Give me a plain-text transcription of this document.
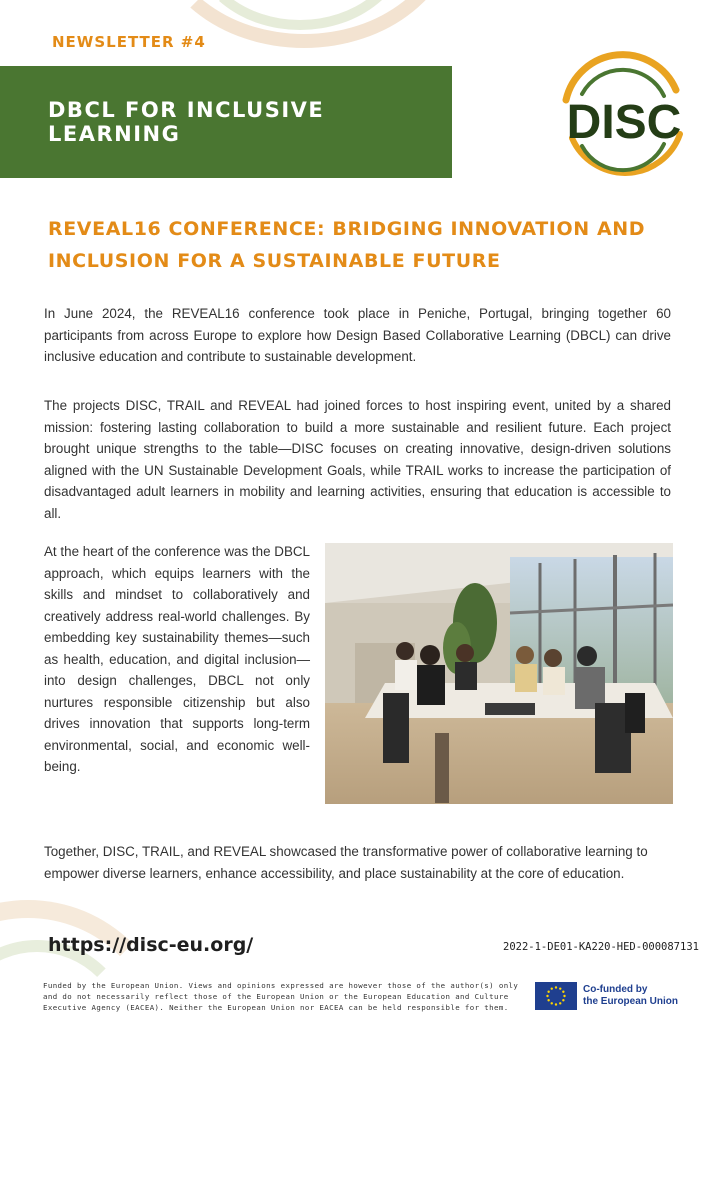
NEWSLETTER #4

DBCL FOR INCLUSIVE LEARNING	DISC
REVEAL16 CONFERENCE: BRIDGING INNOVATION AND
INCLUSION FOR A SUSTAINABLE FUTURE

In June 2024, the REVEAL16 conference took place in Peniche, Portugal, bringing together 60 participants from across Europe to explore how Design Based Collaborative Learning (DBCL) can drive inclusive education and contribute to sustainable development.

The projects DISC, TRAIL and REVEAL had joined forces to host inspiring event, united by a shared mission: fostering lasting collaboration to build a more sustainable and resilient future. Each project brought unique strengths to the table—DISC focuses on creating innovative, design-driven solutions aligned with the UN Sustainable Development Goals, while TRAIL works to increase the participation of disadvantaged adult learners in mobility and learning activities, ensuring that education is accessible to all.

At the heart of the conference was the DBCL approach, which equips learners with the skills and mindset to collaboratively and creatively address real-world challenges. By embedding key sustainability themes—such as health, education, and digital inclusion—into design challenges, DBCL not only nurtures responsible citizenship but also drives innovation that supports long-term environmental, social, and economic well-being.

Together, DISC, TRAIL, and REVEAL showcased the transformative power of collaborative learning to empower diverse learners, enhance accessibility, and place sustainability at the core of education.

https://disc-eu.org/	2022-1-DE01-KA220-HED-000087131

Funded by the European Union. Views and opinions expressed are however those of the author(s) only and do not necessarily reflect those of the European Union or the European Education and Culture Executive Agency (EACEA). Neither the European Union nor EACEA can be held responsible for them.

Co-funded by
the European Union
